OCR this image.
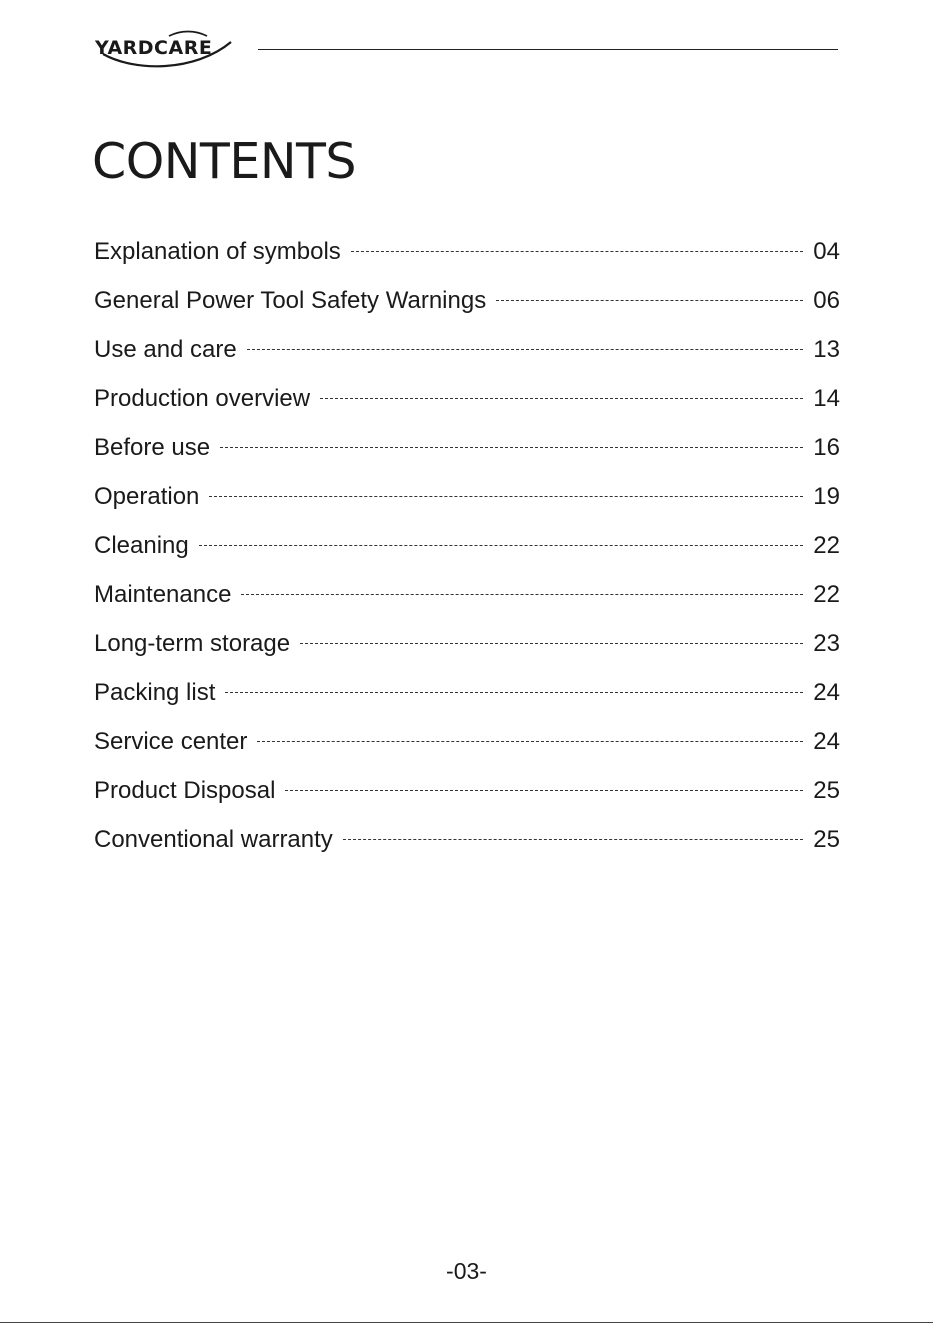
YARDCARE
CONTENTS
Explanation of symbols	04
General Power Tool Safety Warnings	06
Use and care	13
Production overview	14
Before use	16
Operation	19
Cleaning	22
Maintenance	22
Long-term storage	23
Packing list	24
Service center	24
Product Disposal	25
Conventional warranty	25
-03-
